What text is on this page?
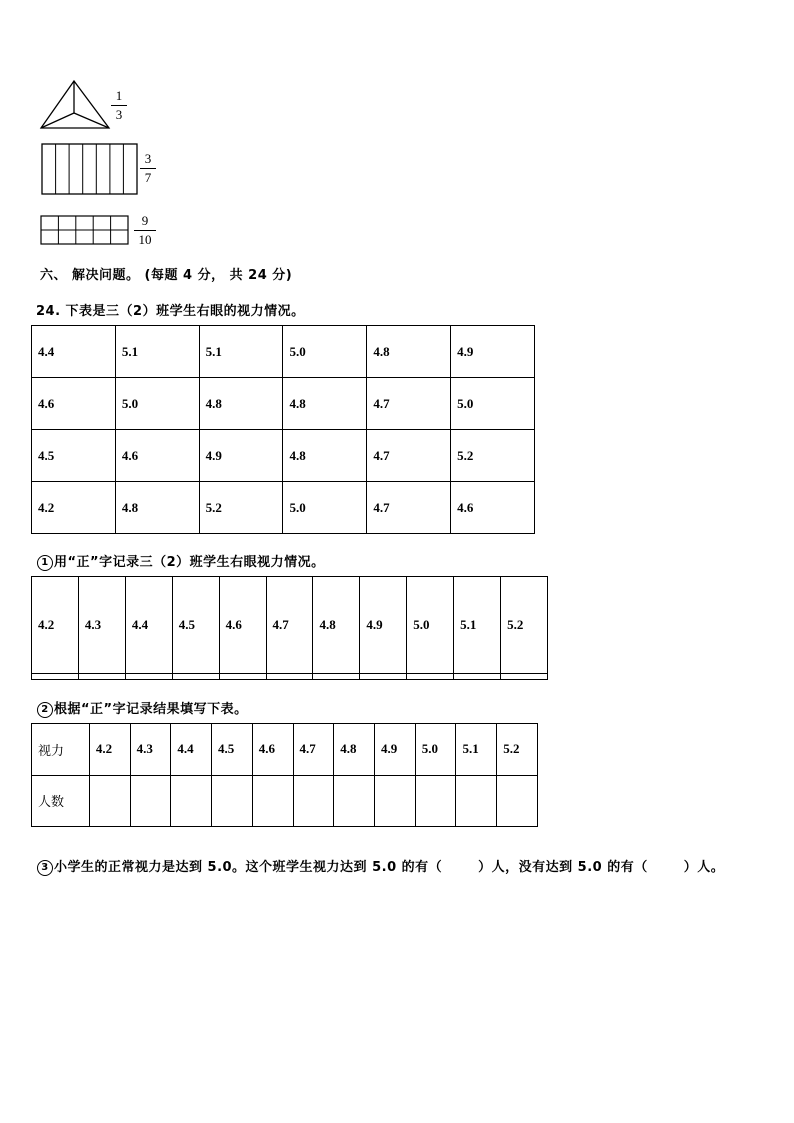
1
3
3
7
9
10
六、 解决问题。 (每题 4 分， 共 24 分)
24. 下表是三（2）班学生右眼的视力情况。
4.4	5.1	5.1	5.0	4.8	4.9
4.6	5.0	4.8	4.8	4.7	5.0
4.5	4.6	4.9	4.8	4.7	5.2
4.2	4.8	5.2	5.0	4.7	4.6
1 用“正”字记录三（2）班学生右眼视力情况。
4.2	4.3	4.4	4.5	4.6	4.7	4.8	4.9	5.0	5.1	5.2

2 根据“正”字记录结果填写下表。
视力	4.2	4.3	4.4	4.5	4.6	4.7	4.8	4.9	5.0	5.1	5.2
人数											
3 小学生的正常视力是达到 5.0。这个班学生视力达到 5.0 的有（	）人，没有达到 5.0 的有（	）人。
